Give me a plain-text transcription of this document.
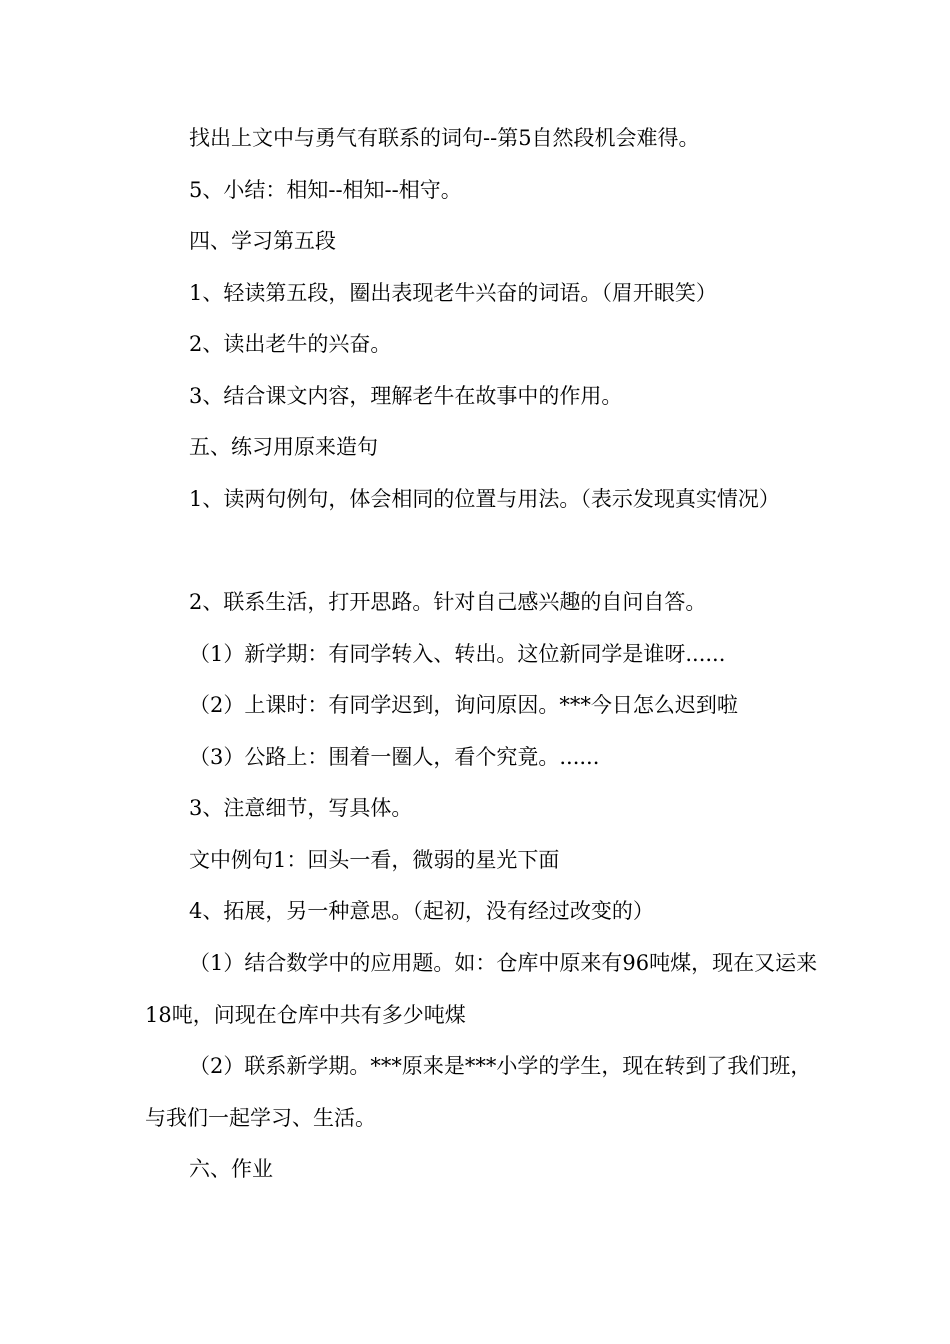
找出上文中与勇气有联系的词句--第5自然段机会难得。

5、小结：相知--相知--相守。

四、学习第五段

1、轻读第五段，圈出表现老牛兴奋的词语。（眉开眼笑）

2、读出老牛的兴奋。

3、结合课文内容，理解老牛在故事中的作用。

五、练习用原来造句

1、读两句例句，体会相同的位置与用法。（表示发现真实情况）

2、联系生活，打开思路。针对自己感兴趣的自问自答。

（1）新学期：有同学转入、转出。这位新同学是谁呀......

（2）上课时：有同学迟到，询问原因。***今日怎么迟到啦

（3）公路上：围着一圈人，看个究竟。......

3、注意细节，写具体。

文中例句1：回头一看，微弱的星光下面

4、拓展，另一种意思。（起初，没有经过改变的）

（1）结合数学中的应用题。如：仓库中原来有96吨煤，现在又运来18吨，问现在仓库中共有多少吨煤

（2）联系新学期。***原来是***小学的学生，现在转到了我们班，与我们一起学习、生活。

六、作业
